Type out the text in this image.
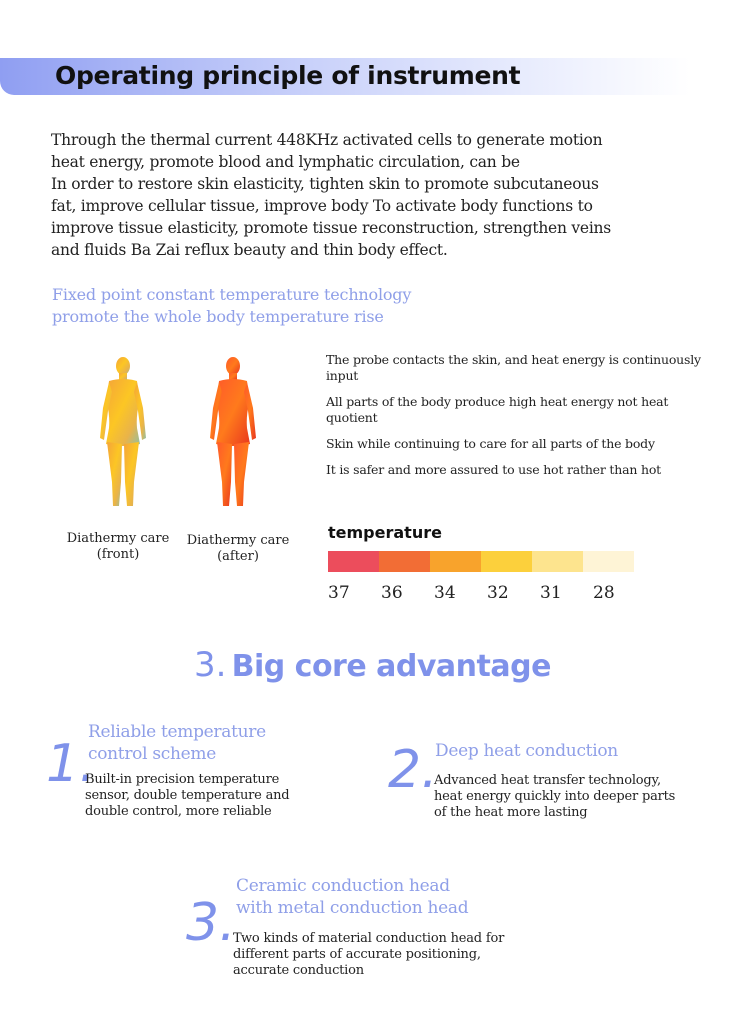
Operating principle of instrument
Through the thermal current 448KHz activated cells to generate motion
heat energy, promote blood and lymphatic circulation, can be
In order to restore skin elasticity, tighten skin to promote subcutaneous
fat, improve cellular tissue, improve body To activate body functions to
improve tissue elasticity, promote tissue reconstruction, strengthen veins
and fluids Ba Zai reflux beauty and thin body effect.
Fixed point constant temperature technology
promote the whole body temperature rise
Diathermy care
(front)
Diathermy care
(after)
The probe contacts the skin, and heat energy is continuously input
All parts of the body produce high heat energy not heat quotient
Skin while continuing to care for all parts of the body
It is safer and more assured to use hot rather than hot
temperature
37	36	34	32	31	28
3. Big core advantage
1.
Reliable temperature
control scheme
Built-in precision temperature
sensor, double temperature and
double control, more reliable
2.
Deep heat conduction
Advanced heat transfer technology,
heat energy quickly into deeper parts
of the heat more lasting
3.
Ceramic conduction head
with metal conduction head
Two kinds of material conduction head for
different parts of accurate positioning,
accurate conduction
